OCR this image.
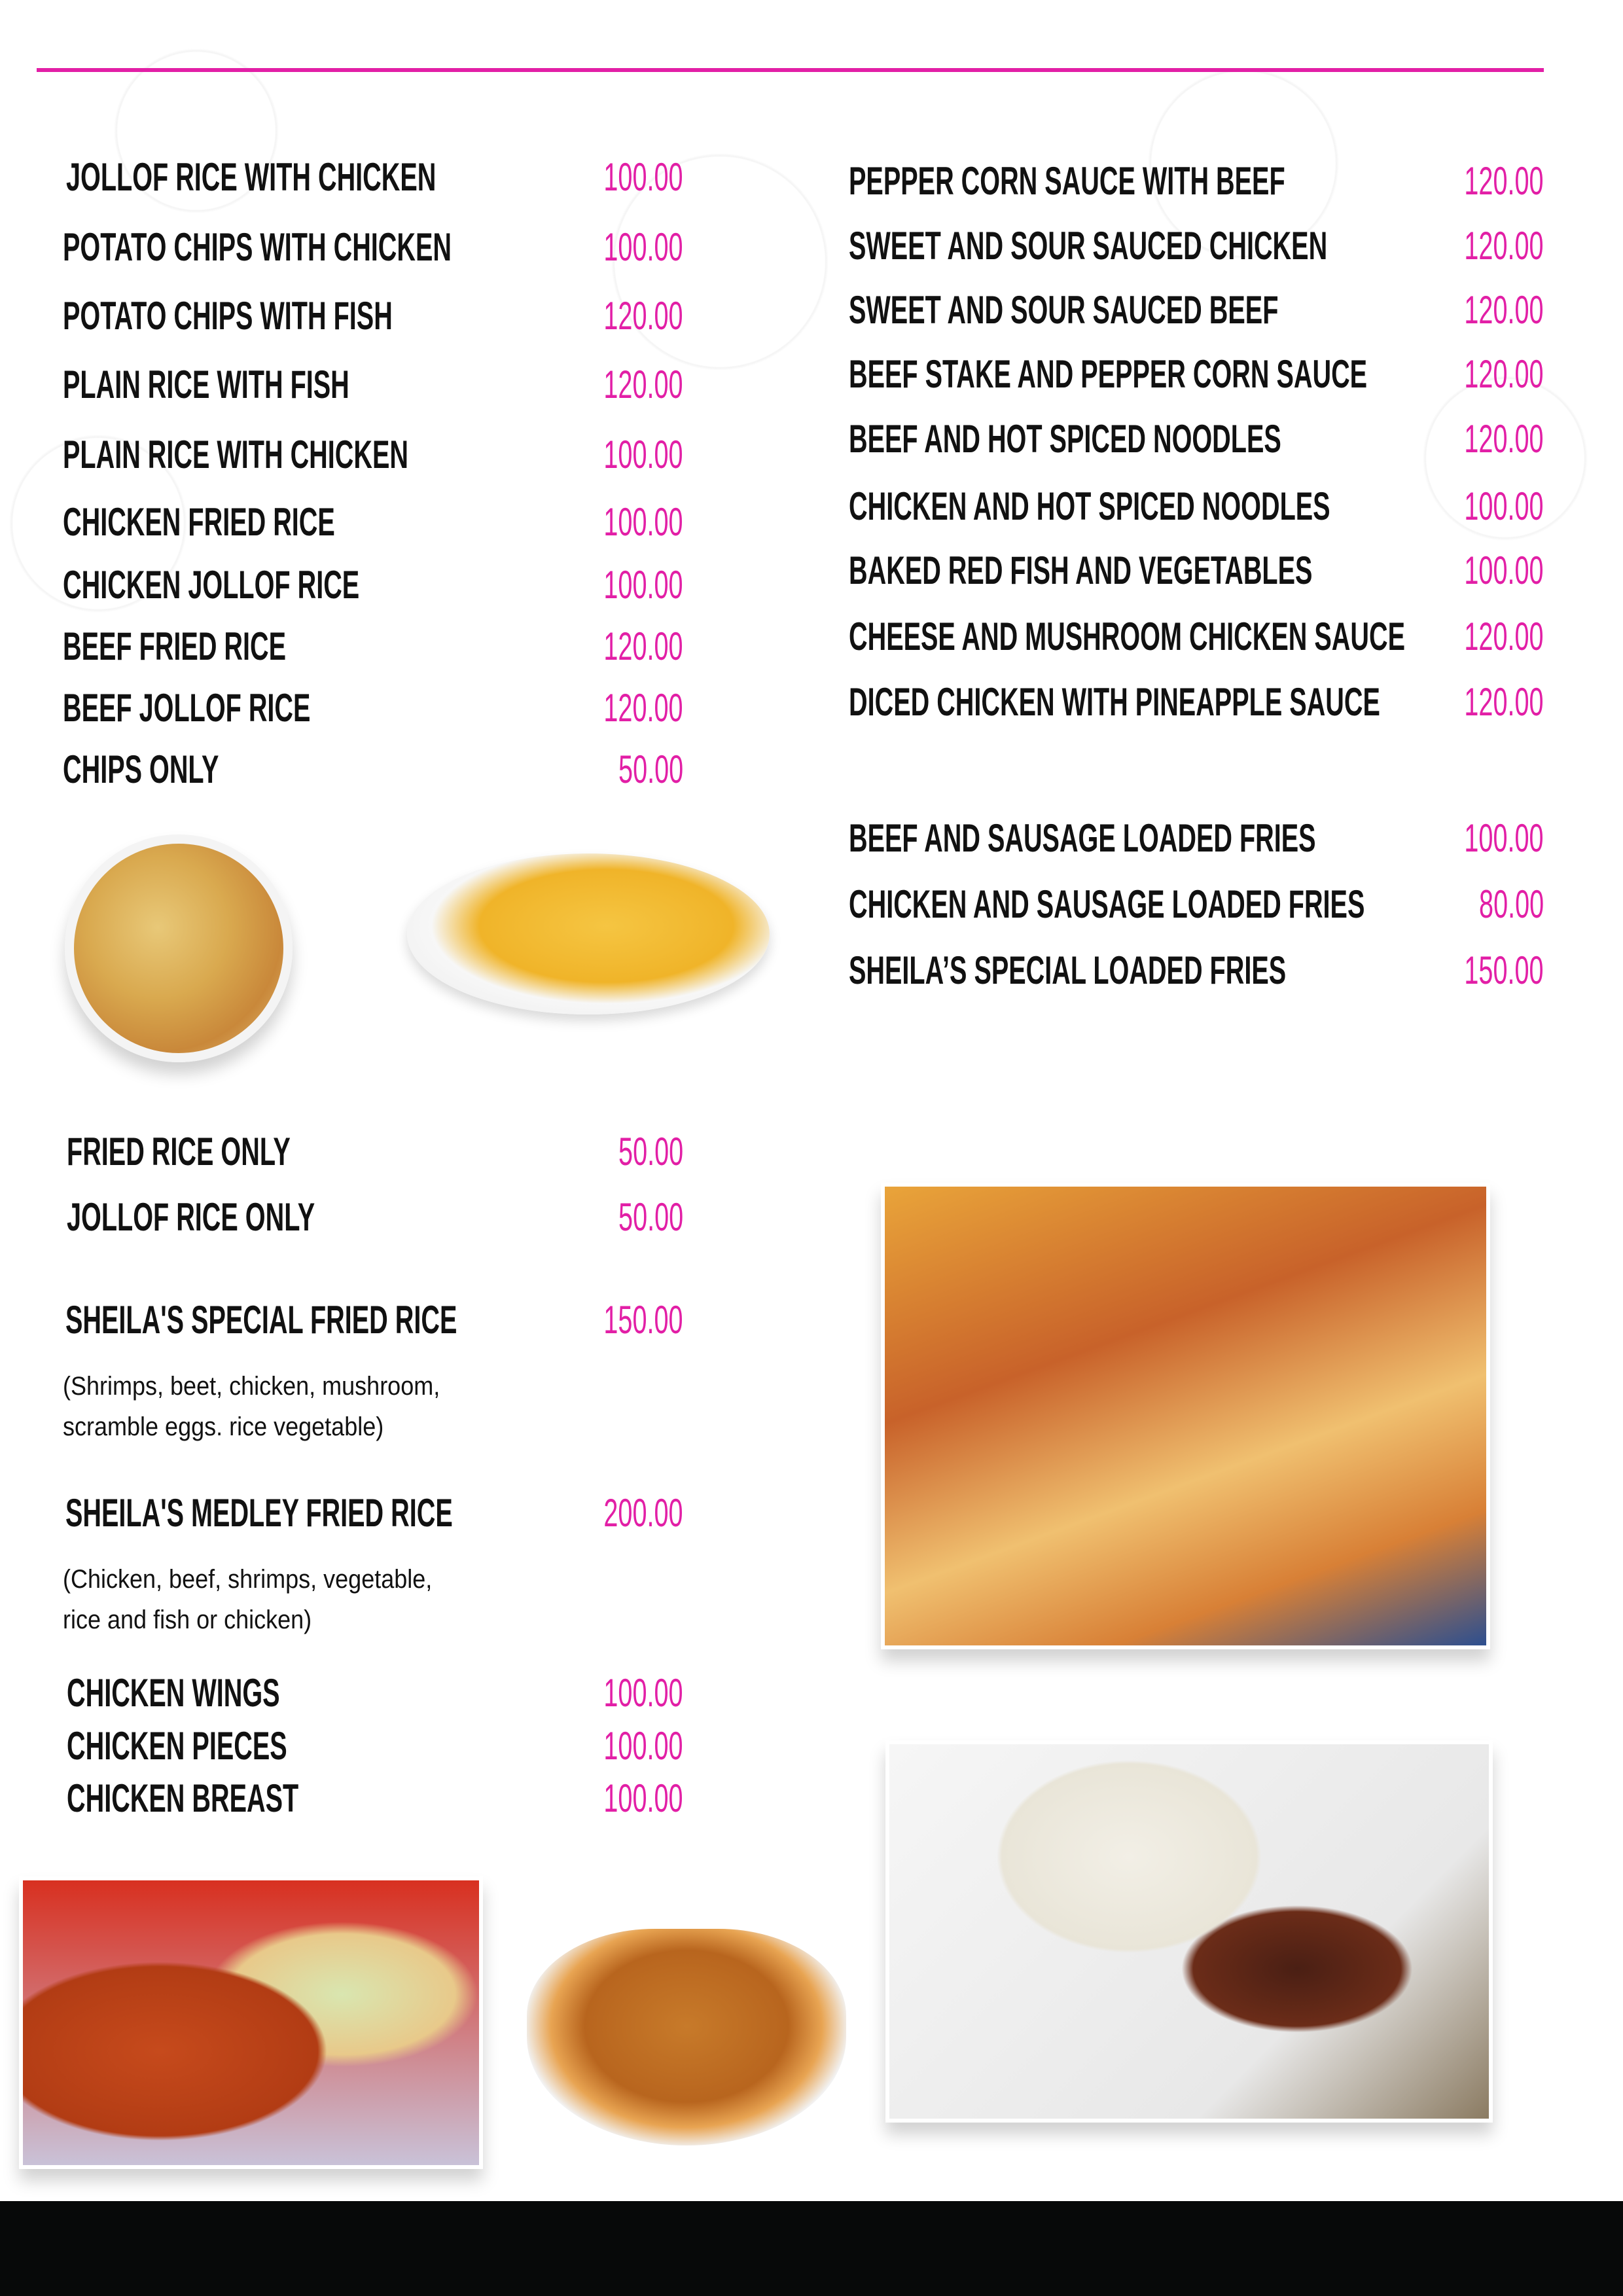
JOLLOF RICE WITH CHICKEN	100.00
POTATO CHIPS WITH CHICKEN	100.00
POTATO CHIPS WITH FISH	120.00
PLAIN RICE WITH FISH	120.00
PLAIN RICE WITH CHICKEN	100.00
CHICKEN FRIED RICE	100.00
CHICKEN JOLLOF RICE	100.00
BEEF FRIED RICE	120.00
BEEF JOLLOF RICE	120.00
CHIPS ONLY	50.00
PEPPER CORN SAUCE WITH BEEF	120.00
SWEET AND SOUR SAUCED CHICKEN	120.00
SWEET AND SOUR SAUCED BEEF	120.00
BEEF STAKE AND PEPPER CORN SAUCE 120.00
BEEF AND HOT SPICED NOODLES	120.00
CHICKEN AND HOT SPICED NOODLES	100.00
BAKED RED FISH AND VEGETABLES	100.00
CHEESE AND MUSHROOM CHICKEN SAUCE 120.00
DICED CHICKEN WITH PINEAPPLE SAUCE 120.00
BEEF AND SAUSAGE LOADED FRIES	100.00
CHICKEN AND SAUSAGE LOADED FRIES	80.00
SHEILA’S SPECIAL LOADED FRIES	150.00
FRIED RICE ONLY	50.00
JOLLOF RICE ONLY	50.00
SHEILA'S SPECIAL FRIED RICE	150.00
(Shrimps, beet, chicken, mushroom,
scramble eggs. rice vegetable)
SHEILA'S MEDLEY FRIED RICE	200.00
(Chicken, beef, shrimps, vegetable,
rice and fish or chicken)
CHICKEN WINGS	100.00
CHICKEN PIECES	100.00
CHICKEN BREAST	100.00
